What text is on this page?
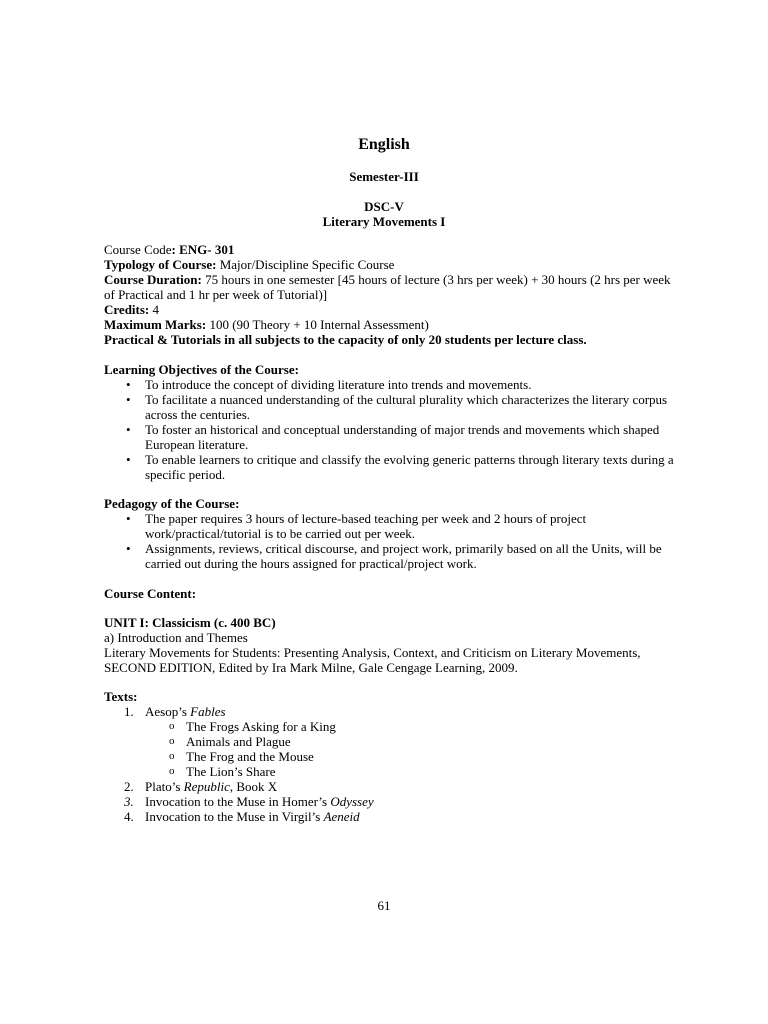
English
Semester-III
DSC-V
Literary Movements I

Course Code: ENG- 301

Typology of Course: Major/Discipline Specific Course

Course Duration: 75 hours in one semester [45 hours of lecture (3 hrs per week) + 30 hours (2 hrs per week of Practical and 1 hr per week of Tutorial)]

Credits: 4

Maximum Marks: 100 (90 Theory + 10 Internal Assessment)

Practical & Tutorials in all subjects to the capacity of only 20 students per lecture class.

Learning Objectives of the Course:

• To introduce the concept of dividing literature into trends and movements.
• To facilitate a nuanced understanding of the cultural plurality which characterizes the literary corpus across the centuries.
• To foster an historical and conceptual understanding of major trends and movements which shaped European literature.
• To enable learners to critique and classify the evolving generic patterns through literary texts during a specific period.

Pedagogy of the Course:

• The paper requires 3 hours of lecture-based teaching per week and 2 hours of project work/practical/tutorial is to be carried out per week.
• Assignments, reviews, critical discourse, and project work, primarily based on all the Units, will be carried out during the hours assigned for practical/project work.

Course Content:

UNIT I: Classicism (c. 400 BC)

a) Introduction and Themes

Literary Movements for Students: Presenting Analysis, Context, and Criticism on Literary Movements, SECOND EDITION, Edited by Ira Mark Milne, Gale Cengage Learning, 2009.

Texts:

1. Aesop’s Fables
o The Frogs Asking for a King
o Animals and Plague
o The Frog and the Mouse
o The Lion’s Share
2. Plato’s Republic, Book X
3. Invocation to the Muse in Homer’s Odyssey
4. Invocation to the Muse in Virgil’s Aeneid
61
